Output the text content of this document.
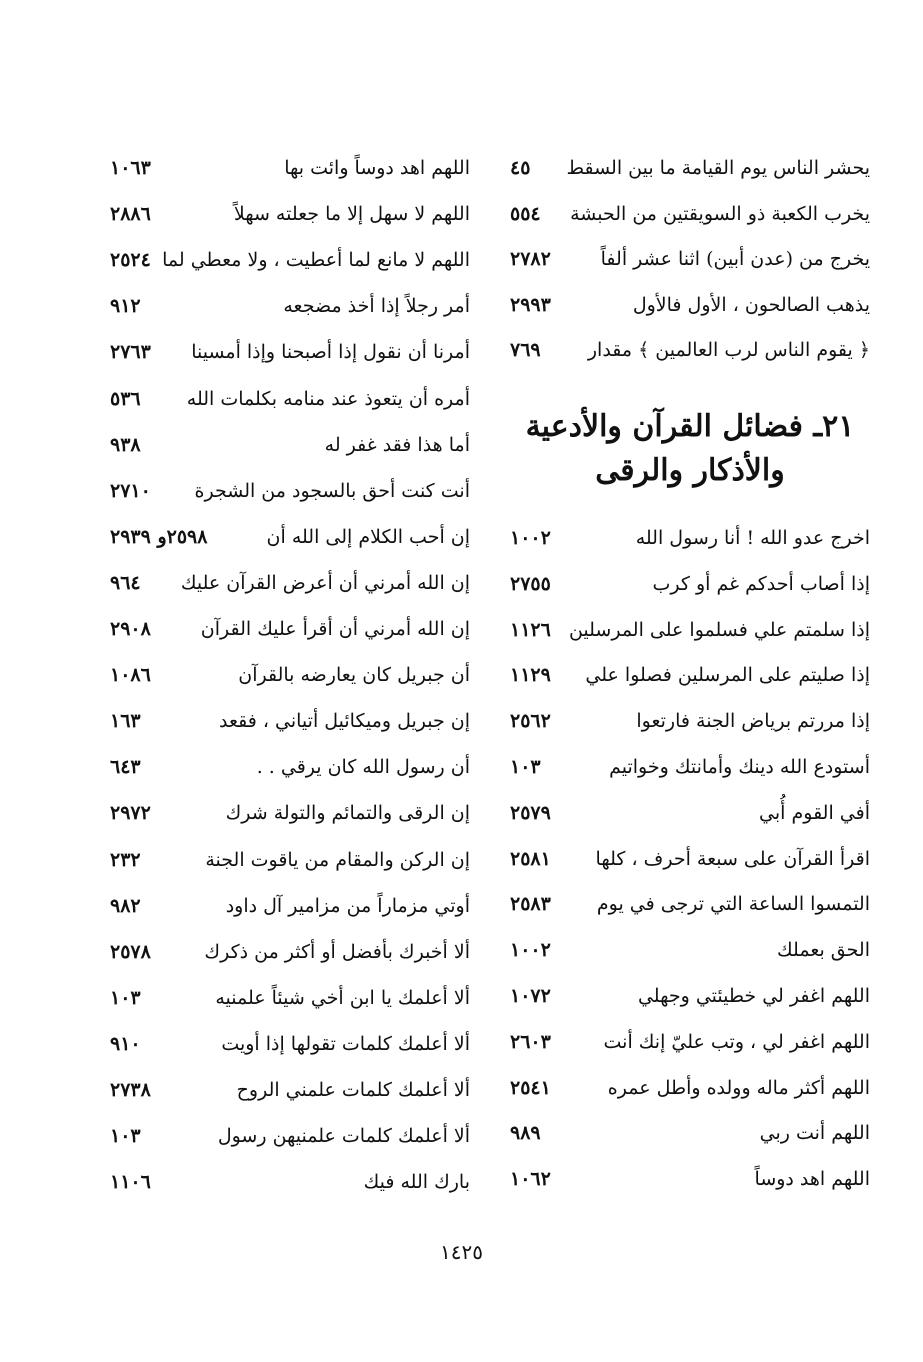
يحشر الناس يوم القيامة ما بين السقط
٤٥
يخرب الكعبة ذو السويقتين من الحبشة
٥٥٤
يخرج من (عدن أبين) اثنا عشر ألفاً
٢٧٨٢
يذهب الصالحون ، الأول فالأول
٢٩٩٣
﴿ يقوم الناس لرب العالمين ﴾ مقدار
٧٦٩
٢١ـ فضائل القرآن والأدعية
والأذكار والرقى
اخرج عدو الله ! أنا رسول الله
١٠٠٢
إذا أصاب أحدكم غم أو كرب
٢٧٥٥
إذا سلمتم علي فسلموا على المرسلين
١١٢٦
إذا صليتم على المرسلين فصلوا علي
١١٢٩
إذا مررتم برياض الجنة فارتعوا
٢٥٦٢
أستودع الله دينك وأمانتك وخواتيم
١٠٣
أفي القوم أُبي
٢٥٧٩
اقرأ القرآن على سبعة أحرف ، كلها
٢٥٨١
التمسوا الساعة التي ترجى في يوم
٢٥٨٣
الحق بعملك
١٠٠٢
اللهم اغفر لي خطيئتي وجهلي
١٠٧٢
اللهم اغفر لي ، وتب عليّ إنك أنت
٢٦٠٣
اللهم أكثر ماله وولده وأطل عمره
٢٥٤١
اللهم أنت ربي
٩٨٩
اللهم اهد دوساً
١٠٦٢
اللهم اهد دوساً وائت بها
١٠٦٣
اللهم لا سهل إلا ما جعلته سهلاً
٢٨٨٦
اللهم لا مانع لما أعطيت ، ولا معطي لما
٢٥٢٤
أمر رجلاً إذا أخذ مضجعه
٩١٢
أمرنا أن نقول إذا أصبحنا وإذا أمسينا
٢٧٦٣
أمره أن يتعوذ عند منامه بكلمات الله
٥٣٦
أما هذا فقد غفر له
٩٣٨
أنت كنت أحق بالسجود من الشجرة
٢٧١٠
إن أحب الكلام إلى الله أن
٢٥٩٨و ٢٩٣٩
إن الله أمرني أن أعرض القرآن عليك
٩٦٤
إن الله أمرني أن أقرأ عليك القرآن
٢٩٠٨
أن جبريل كان يعارضه بالقرآن
١٠٨٦
إن جبريل وميكائيل أتياني ، فقعد
١٦٣
أن رسول الله كان يرقي . .
٦٤٣
إن الرقى والتمائم والتولة شرك
٢٩٧٢
إن الركن والمقام من ياقوت الجنة
٢٣٢
أوتي مزماراً من مزامير آل داود
٩٨٢
ألا أخبرك بأفضل أو أكثر من ذكرك
٢٥٧٨
ألا أعلمك يا ابن أخي شيئاً علمنيه
١٠٣
ألا أعلمك كلمات تقولها إذا أويت
٩١٠
ألا أعلمك كلمات علمني الروح
٢٧٣٨
ألا أعلمك كلمات علمنيهن رسول
١٠٣
بارك الله فيك
١١٠٦
١٤٢٥
